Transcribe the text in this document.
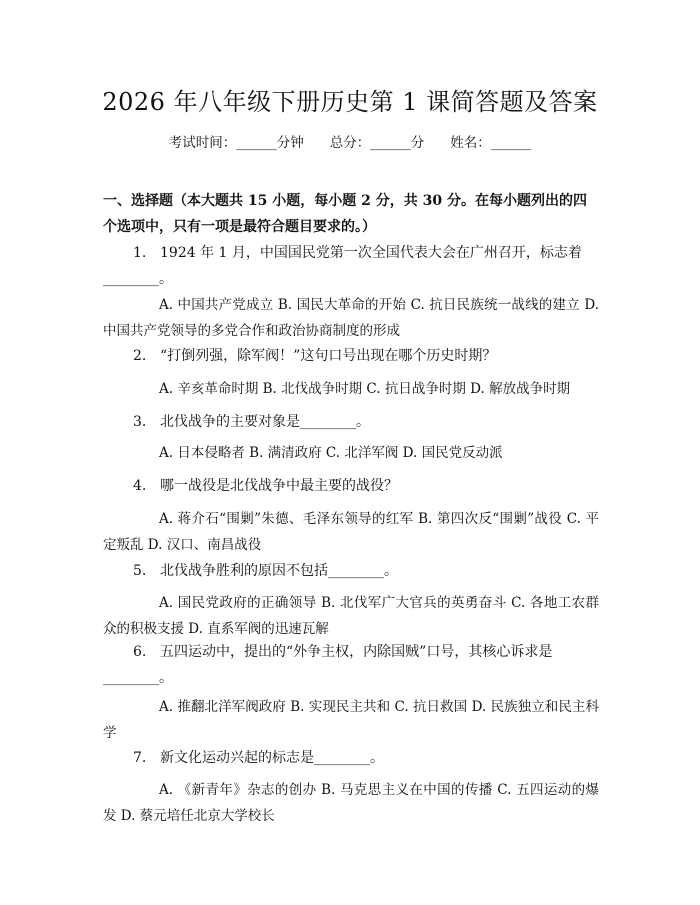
2026 年八年级下册历史第 1 课简答题及答案
考试时间：______分钟 总分：______分 姓名：______
一、选择题（本大题共 15 小题，每小题 2 分，共 30 分。在每小题列出的四个选项中，只有一项是最符合题目要求的。）
1. 1924 年 1 月，中国国民党第一次全国代表大会在广州召开，标志着________。
A. 中国共产党成立 B. 国民大革命的开始 C. 抗日民族统一战线的建立 D. 中国共产党领导的多党合作和政治协商制度的形成
2. “打倒列强，除军阀！”这句口号出现在哪个历史时期？
A. 辛亥革命时期 B. 北伐战争时期 C. 抗日战争时期 D. 解放战争时期
3. 北伐战争的主要对象是________。
A. 日本侵略者 B. 满清政府 C. 北洋军阀 D. 国民党反动派
4. 哪一战役是北伐战争中最主要的战役？
A. 蒋介石“围剿”朱德、毛泽东领导的红军 B. 第四次反“围剿”战役 C. 平定叛乱 D. 汉口、南昌战役
5. 北伐战争胜利的原因不包括________。
A. 国民党政府的正确领导 B. 北伐军广大官兵的英勇奋斗 C. 各地工农群众的积极支援 D. 直系军阀的迅速瓦解
6. 五四运动中，提出的“外争主权，内除国贼”口号，其核心诉求是________。
A. 推翻北洋军阀政府 B. 实现民主共和 C. 抗日救国 D. 民族独立和民主科学
7. 新文化运动兴起的标志是________。
A. 《新青年》杂志的创办 B. 马克思主义在中国的传播 C. 五四运动的爆发 D. 蔡元培任北京大学校长
